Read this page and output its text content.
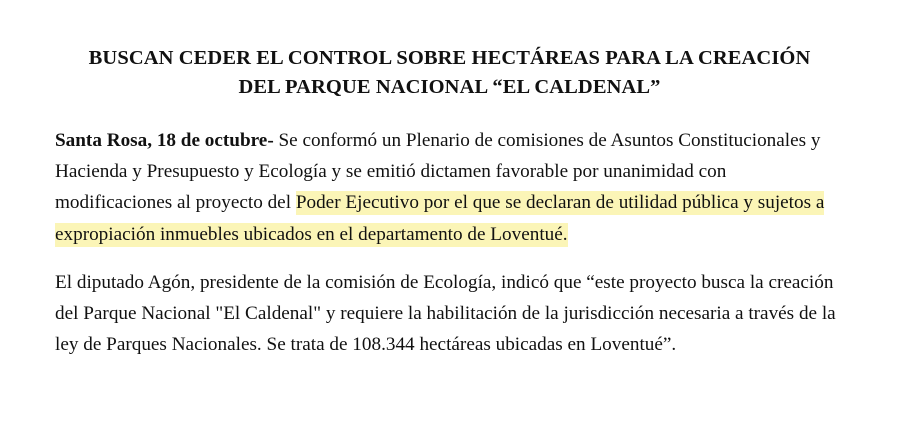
BUSCAN CEDER EL CONTROL SOBRE HECTÁREAS PARA LA CREACIÓN
DEL PARQUE NACIONAL “EL CALDENAL”

Santa Rosa, 18 de octubre- Se conformó un Plenario de comisiones de Asuntos Constitucionales y Hacienda y Presupuesto y Ecología y se emitió dictamen favorable por unanimidad con modificaciones al proyecto del Poder Ejecutivo por el que se declaran de utilidad pública y sujetos a expropiación inmuebles ubicados en el departamento de Loventué.

El diputado Agón, presidente de la comisión de Ecología, indicó que “este proyecto busca la creación del Parque Nacional "El Caldenal" y requiere la habilitación de la jurisdicción necesaria a través de la ley de Parques Nacionales. Se trata de 108.344 hectáreas ubicadas en Loventué”.
